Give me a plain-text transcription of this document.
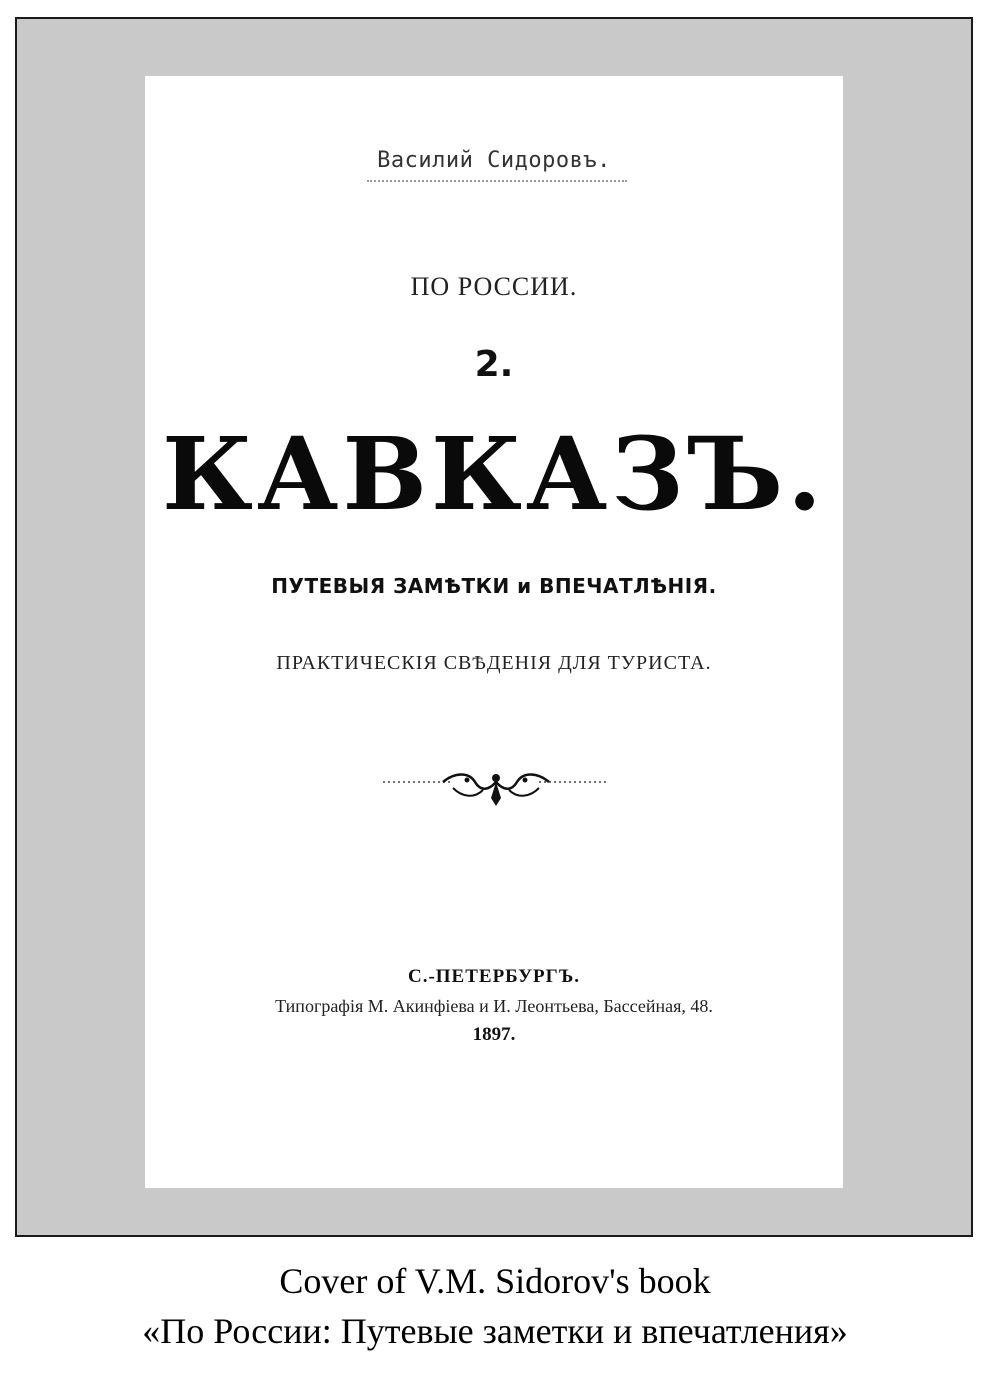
Василий Сидоровъ.
ПО РОССИИ.
2.
КАВКАЗЪ.
ПУТЕВЫЯ ЗАМѢТКИ и ВПЕЧАТЛѢНІЯ.
ПРАКТИЧЕСКІЯ СВѢДЕНІЯ ДЛЯ ТУРИСТА.
С.-ПЕТЕРБУРГЪ.
Типографія М. Акинфіева и И. Леонтьева, Бассейная, 48.
1897.
Cover of V.M. Sidorov's book
«По России: Путевые заметки и впечатления»
